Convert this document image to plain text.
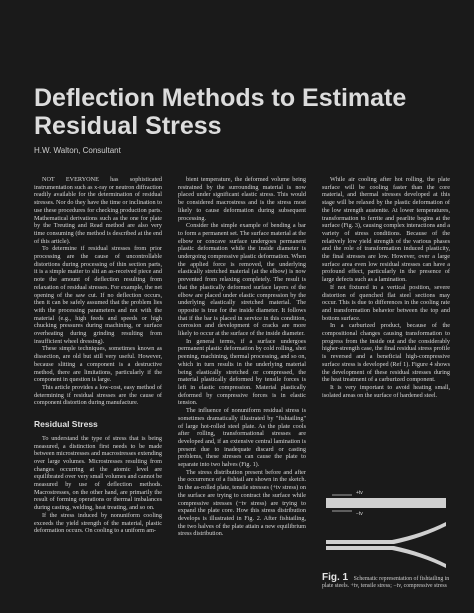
Deflection Methods to Estimate
Residual Stress
H.W. Walton, Consultant

NOT EVERYONE has sophisticated instrumentation such as x-ray or neutron diffraction readily available for the determination of residual stresses. Nor do they have the time or inclination to use these procedures for checking production parts. Mathematical derivations such as the one for plate by the Treuting and Read method are also very time consuming (the method is described at the end of this article).

To determine if residual stresses from prior processing are the cause of uncontrollable distortions during processing of thin section parts, it is a simple matter to slit an as-received piece and note the amount of deflection resulting from relaxation of residual stresses. For example, the net opening of the saw cut. If no deflection occurs, then it can be safely assumed that the problem lies with the processing parameters and not with the material (e.g., high feeds and speeds or high chucking pressures during machining, or surface overheating during grinding resulting from insufficient wheel dressing).

These simple techniques, sometimes known as dissection, are old but still very useful. However, because slitting a component is a destructive method, there are limitations, particularly if the component in question is large.

This article provides a low-cost, easy method of determining if residual stresses are the cause of component distortion during manufacture.

Residual Stress

To understand the type of stress that is being measured, a distinction first needs to be made between microstresses and macrostresses extending over large volumes. Microstresses resulting from changes occurring at the atomic level are equilibrated over very small volumes and cannot be measured by use of deflection methods. Macrostresses, on the other hand, are primarily the result of forming operations or thermal imbalances during casting, welding, heat treating, and so on.

If the stress induced by nonuniform cooling exceeds the yield strength of the material, plastic deformation occurs. On cooling to a uniform am-

bient temperature, the deformed volume being restrained by the surrounding material is now placed under significant elastic stress. This would be considered macrostress and is the stress most likely to cause deformation during subsequent processing.

Consider the simple example of bending a bar to form a permanent set. The surface material at the elbow or concave surface undergoes permanent plastic deformation while the inside diameter is undergoing compressive plastic deformation. When the applied force is removed, the underlying elastically stretched material (at the elbow) is now prevented from relaxing completely. The result is that the plastically deformed surface layers of the elbow are placed under elastic compression by the underlying elastically stretched material. The opposite is true for the inside diameter. It follows that if the bar is placed in service in this condition, corrosion and development of cracks are more likely to occur at the surface of the inside diameter.

In general terms, if a surface undergoes permanent plastic deformation by cold rolling, shot peening, machining, thermal processing, and so on, which in turn results in the underlying material being elastically stretched or compressed, the material plastically deformed by tensile forces is left in elastic compression. Material plastically deformed by compressive forces is in elastic tension.

The influence of nonuniform residual stress is sometimes dramatically illustrated by "fishtailing" of large hot-rolled steel plate. As the plate cools after rolling, transformational stresses are developed and, if an extensive central lamination is present due to inadequate discard or casting problems, these stresses can cause the plate to separate into two halves (Fig. 1).

The stress distribution present before and after the occurrence of a fishtail are shown in the sketch. In the as-rolled plate, tensile stresses (+tv stress) on the surface are trying to contract the surface while compressive stresses (−tv stress) are trying to expand the plate core. How this stress distribution develops is illustrated in Fig. 2. After fishtailing, the two halves of the plate attain a new equilibrium stress distribution.

While air cooling after hot rolling, the plate surface will be cooling faster than the core material, and thermal stresses developed at this stage will be relaxed by the plastic deformation of the low strength austenite. At lower temperatures, transformation to ferrite and pearlite begins at the surface (Fig. 3), causing complex interactions and a variety of stress conditions. Because of the relatively low yield strength of the various phases and the role of transformation induced plasticity, the final stresses are low. However, over a large surface area even low residual stresses can have a profound effect, particularly in the presence of large defects such as a lamination.

If not fixtured in a vertical position, severe distortion of quenched flat steel sections may occur. This is due to differences in the cooling rate and transformation behavior between the top and bottom surface.

In a carburized product, because of the compositional changes causing transformation to progress from the inside out and the considerably higher-strength case, the final residual stress profile is reversed and a beneficial high-compressive surface stress is developed (Ref 1). Figure 4 shows the development of these residual stresses during the heat treatment of a carburized component.

It is very important to avoid heating small, isolated areas on the surface of hardened steel.

+tv
−tv
Fig. 1 Schematic representation of fishtailing in plate steels. +tv, tensile stress; −tv, compressive stress
